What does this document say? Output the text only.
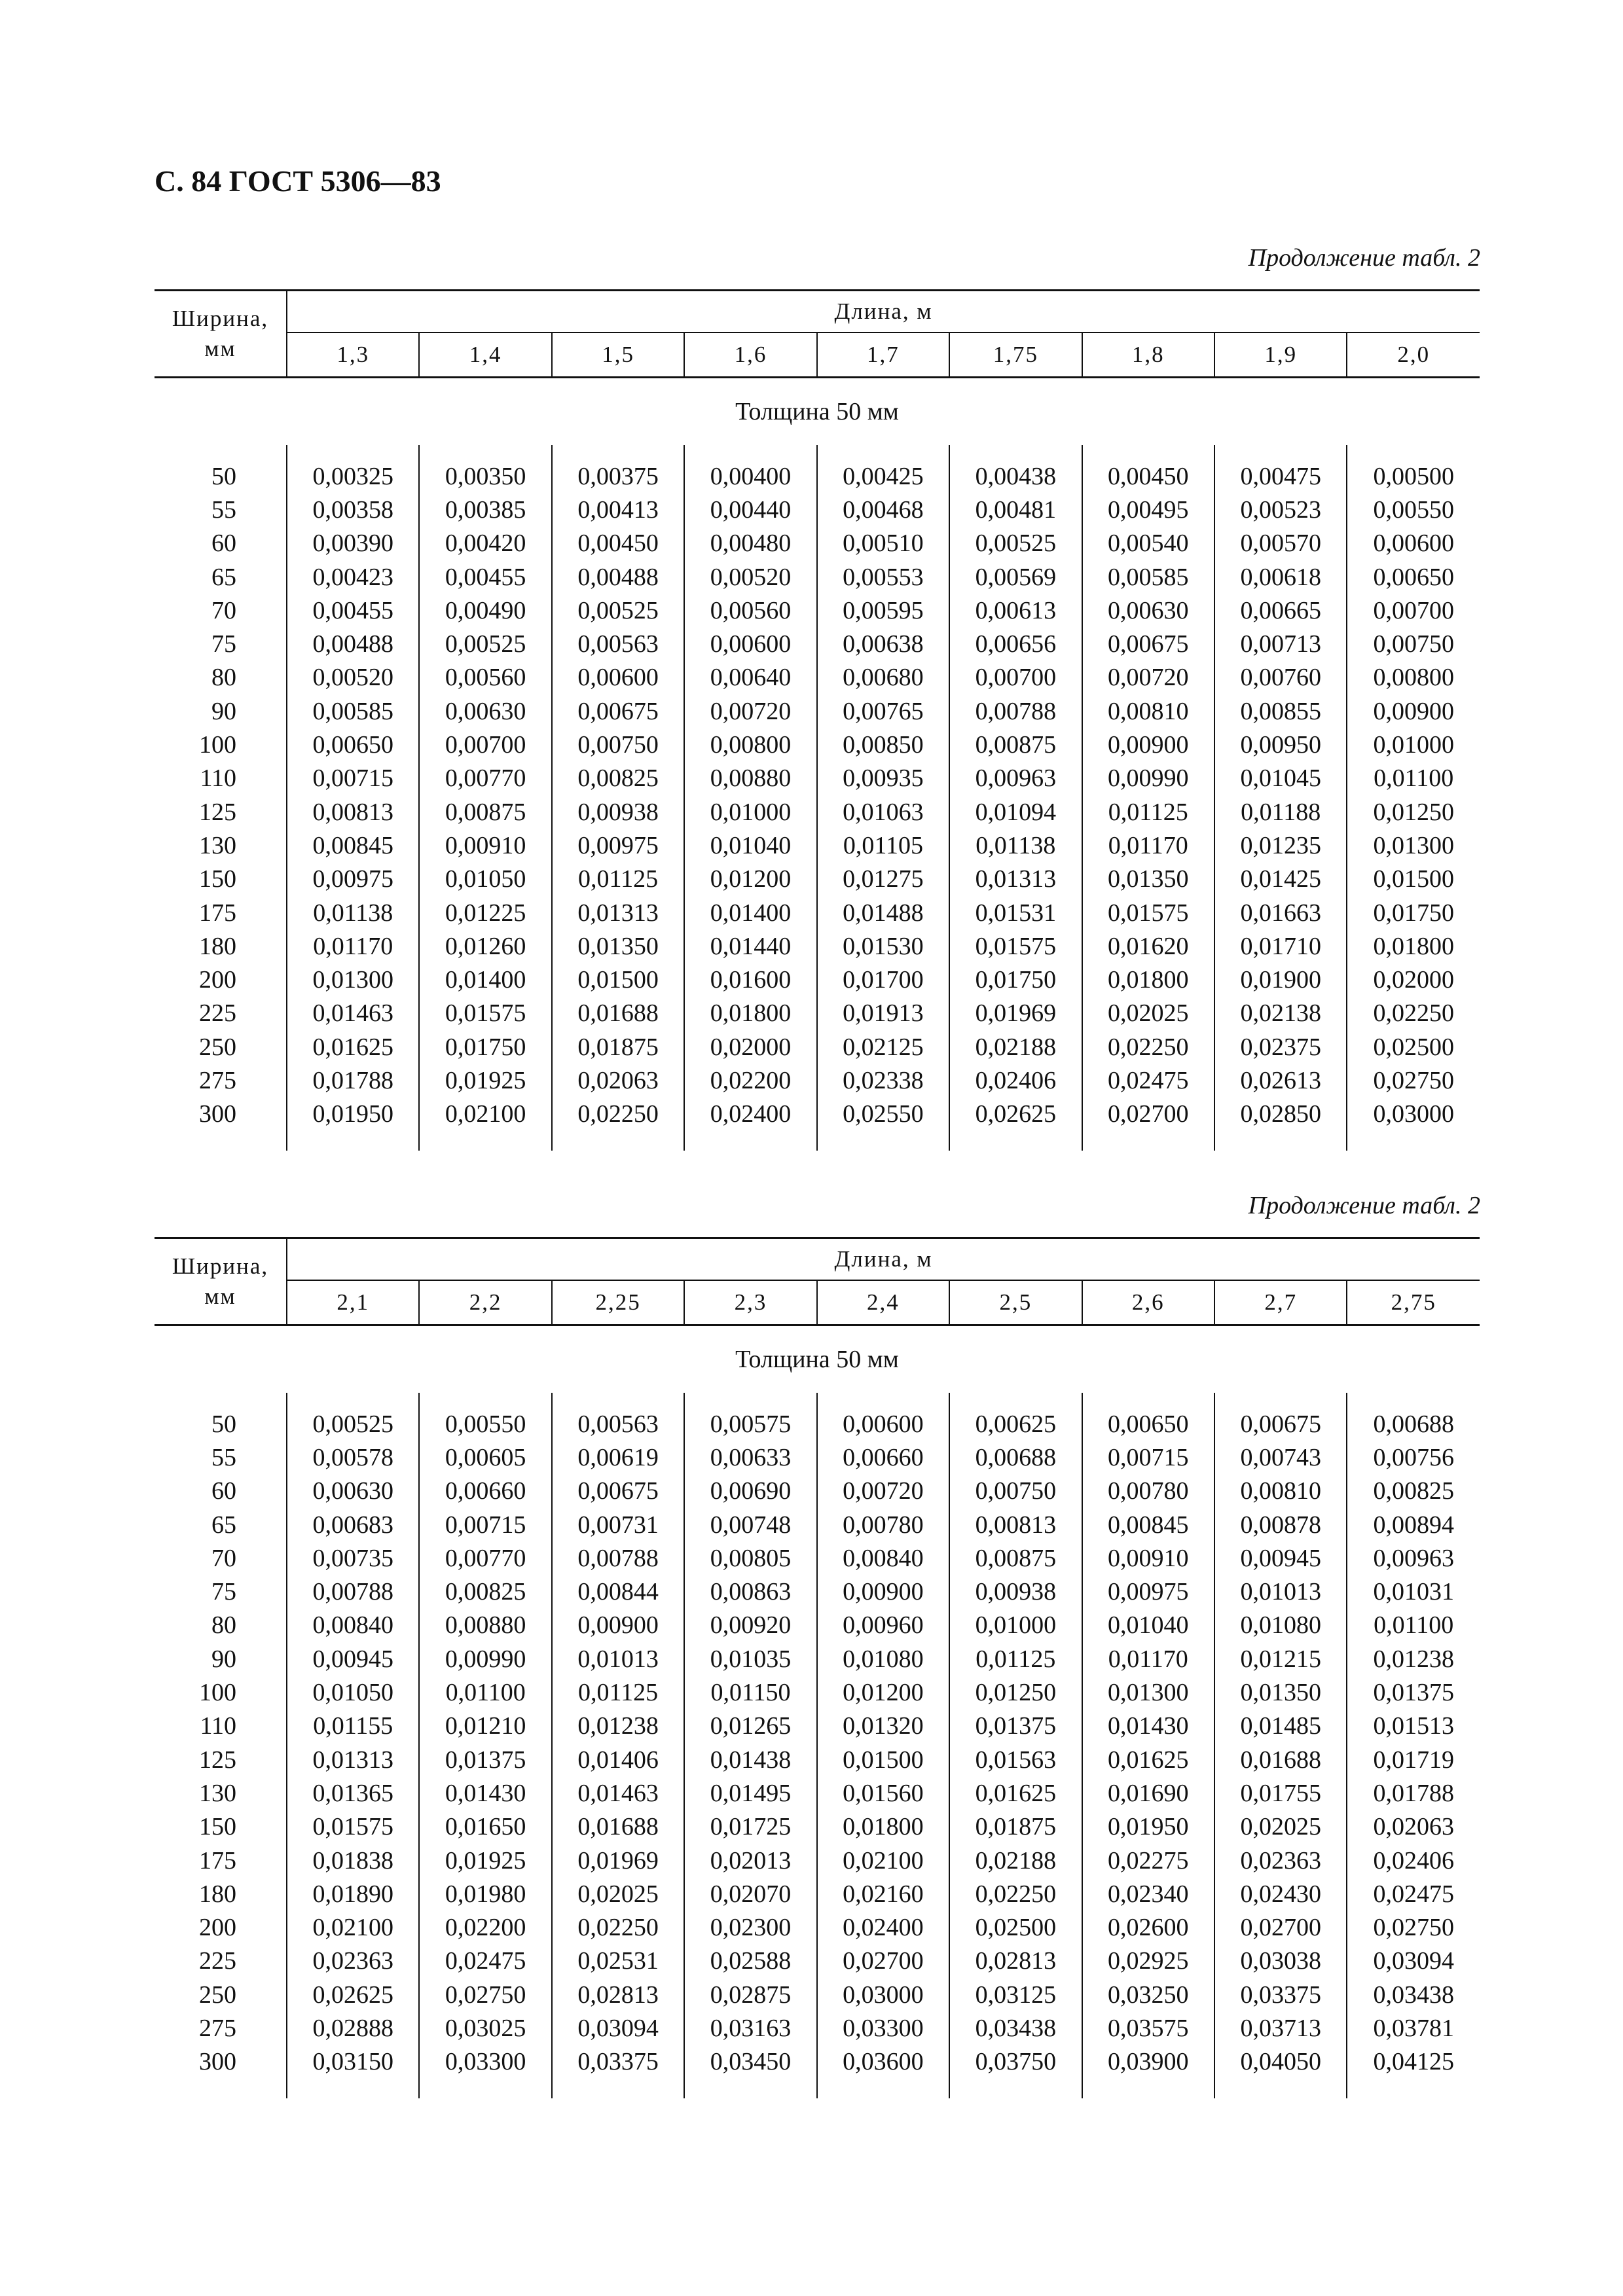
С. 84 ГОСТ 5306—83
Продолжение табл. 2
Ширина,
мм	Длина, м								
	1,3	1,4	1,5	1,6	1,7	1,75	1,8	1,9	2,0
Толщина 50 мм									

50	0,00325	0,00350	0,00375	0,00400	0,00425	0,00438	0,00450	0,00475	0,00500
55	0,00358	0,00385	0,00413	0,00440	0,00468	0,00481	0,00495	0,00523	0,00550
60	0,00390	0,00420	0,00450	0,00480	0,00510	0,00525	0,00540	0,00570	0,00600
65	0,00423	0,00455	0,00488	0,00520	0,00553	0,00569	0,00585	0,00618	0,00650
70	0,00455	0,00490	0,00525	0,00560	0,00595	0,00613	0,00630	0,00665	0,00700
75	0,00488	0,00525	0,00563	0,00600	0,00638	0,00656	0,00675	0,00713	0,00750
80	0,00520	0,00560	0,00600	0,00640	0,00680	0,00700	0,00720	0,00760	0,00800
90	0,00585	0,00630	0,00675	0,00720	0,00765	0,00788	0,00810	0,00855	0,00900
100	0,00650	0,00700	0,00750	0,00800	0,00850	0,00875	0,00900	0,00950	0,01000
110	0,00715	0,00770	0,00825	0,00880	0,00935	0,00963	0,00990	0,01045	0,01100
125	0,00813	0,00875	0,00938	0,01000	0,01063	0,01094	0,01125	0,01188	0,01250
130	0,00845	0,00910	0,00975	0,01040	0,01105	0,01138	0,01170	0,01235	0,01300
150	0,00975	0,01050	0,01125	0,01200	0,01275	0,01313	0,01350	0,01425	0,01500
175	0,01138	0,01225	0,01313	0,01400	0,01488	0,01531	0,01575	0,01663	0,01750
180	0,01170	0,01260	0,01350	0,01440	0,01530	0,01575	0,01620	0,01710	0,01800
200	0,01300	0,01400	0,01500	0,01600	0,01700	0,01750	0,01800	0,01900	0,02000
225	0,01463	0,01575	0,01688	0,01800	0,01913	0,01969	0,02025	0,02138	0,02250
250	0,01625	0,01750	0,01875	0,02000	0,02125	0,02188	0,02250	0,02375	0,02500
275	0,01788	0,01925	0,02063	0,02200	0,02338	0,02406	0,02475	0,02613	0,02750
300	0,01950	0,02100	0,02250	0,02400	0,02550	0,02625	0,02700	0,02850	0,03000

Продолжение табл. 2
Ширина,
мм	Длина, м								
	2,1	2,2	2,25	2,3	2,4	2,5	2,6	2,7	2,75
Толщина 50 мм									

50	0,00525	0,00550	0,00563	0,00575	0,00600	0,00625	0,00650	0,00675	0,00688
55	0,00578	0,00605	0,00619	0,00633	0,00660	0,00688	0,00715	0,00743	0,00756
60	0,00630	0,00660	0,00675	0,00690	0,00720	0,00750	0,00780	0,00810	0,00825
65	0,00683	0,00715	0,00731	0,00748	0,00780	0,00813	0,00845	0,00878	0,00894
70	0,00735	0,00770	0,00788	0,00805	0,00840	0,00875	0,00910	0,00945	0,00963
75	0,00788	0,00825	0,00844	0,00863	0,00900	0,00938	0,00975	0,01013	0,01031
80	0,00840	0,00880	0,00900	0,00920	0,00960	0,01000	0,01040	0,01080	0,01100
90	0,00945	0,00990	0,01013	0,01035	0,01080	0,01125	0,01170	0,01215	0,01238
100	0,01050	0,01100	0,01125	0,01150	0,01200	0,01250	0,01300	0,01350	0,01375
110	0,01155	0,01210	0,01238	0,01265	0,01320	0,01375	0,01430	0,01485	0,01513
125	0,01313	0,01375	0,01406	0,01438	0,01500	0,01563	0,01625	0,01688	0,01719
130	0,01365	0,01430	0,01463	0,01495	0,01560	0,01625	0,01690	0,01755	0,01788
150	0,01575	0,01650	0,01688	0,01725	0,01800	0,01875	0,01950	0,02025	0,02063
175	0,01838	0,01925	0,01969	0,02013	0,02100	0,02188	0,02275	0,02363	0,02406
180	0,01890	0,01980	0,02025	0,02070	0,02160	0,02250	0,02340	0,02430	0,02475
200	0,02100	0,02200	0,02250	0,02300	0,02400	0,02500	0,02600	0,02700	0,02750
225	0,02363	0,02475	0,02531	0,02588	0,02700	0,02813	0,02925	0,03038	0,03094
250	0,02625	0,02750	0,02813	0,02875	0,03000	0,03125	0,03250	0,03375	0,03438
275	0,02888	0,03025	0,03094	0,03163	0,03300	0,03438	0,03575	0,03713	0,03781
300	0,03150	0,03300	0,03375	0,03450	0,03600	0,03750	0,03900	0,04050	0,04125
